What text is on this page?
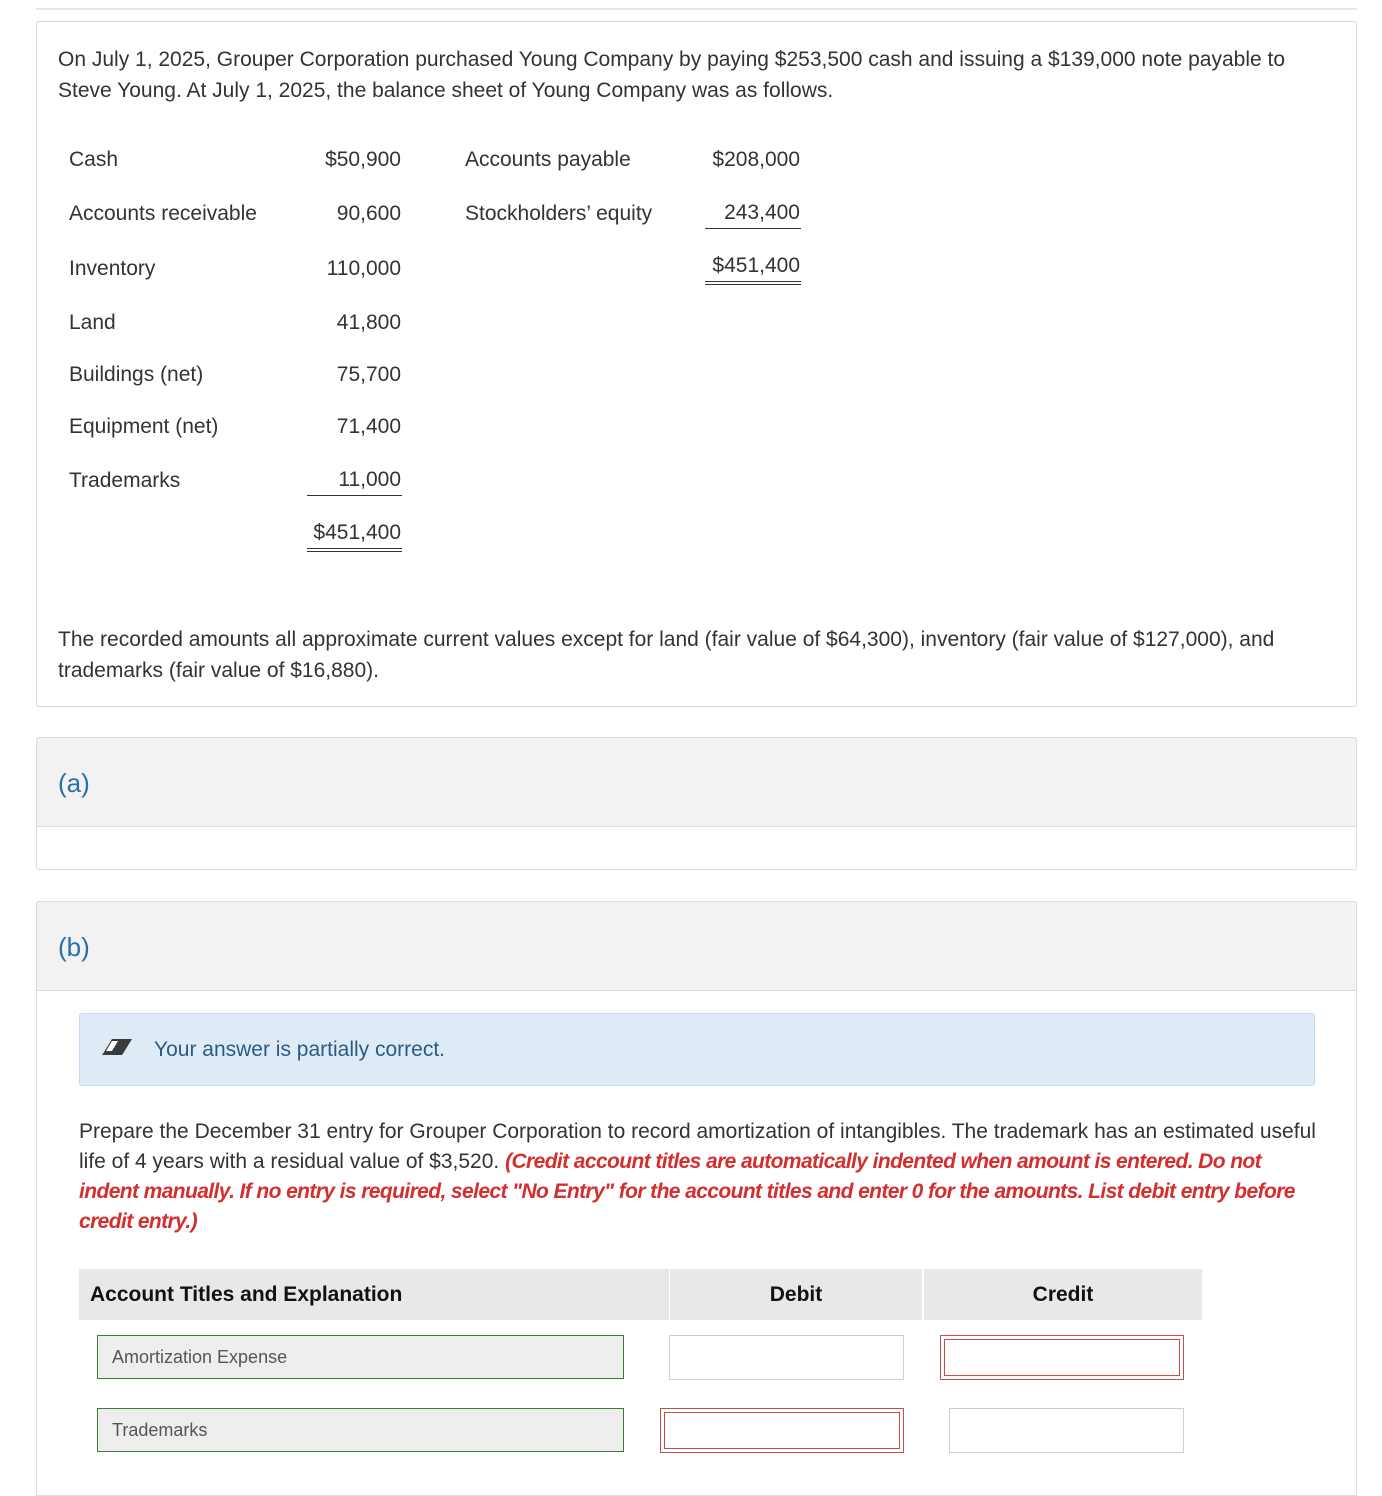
On July 1, 2025, Grouper Corporation purchased Young Company by paying $253,500 cash and issuing a $139,000 note payable to Steve Young. At July 1, 2025, the balance sheet of Young Company was as follows.
Cash	$50,900
Accounts receivable	90,600
Inventory	110,000
Land	41,800
Buildings (net)	75,700
Equipment (net)	71,400
Trademarks	11,000
$451,400
Accounts payable	$208,000
Stockholders’ equity	243,400
$451,400
The recorded amounts all approximate current values except for land (fair value of $64,300), inventory (fair value of $127,000), and trademarks (fair value of $16,880).
(a)
(b)
Your answer is partially correct.
Prepare the December 31 entry for Grouper Corporation to record amortization of intangibles. The trademark has an estimated useful life of 4 years with a residual value of $3,520. (Credit account titles are automatically indented when amount is entered. Do not indent manually. If no entry is required, select "No Entry" for the account titles and enter 0 for the amounts. List debit entry before credit entry.)
Account Titles and Explanation	Debit	Credit
Amortization Expense
Trademarks
